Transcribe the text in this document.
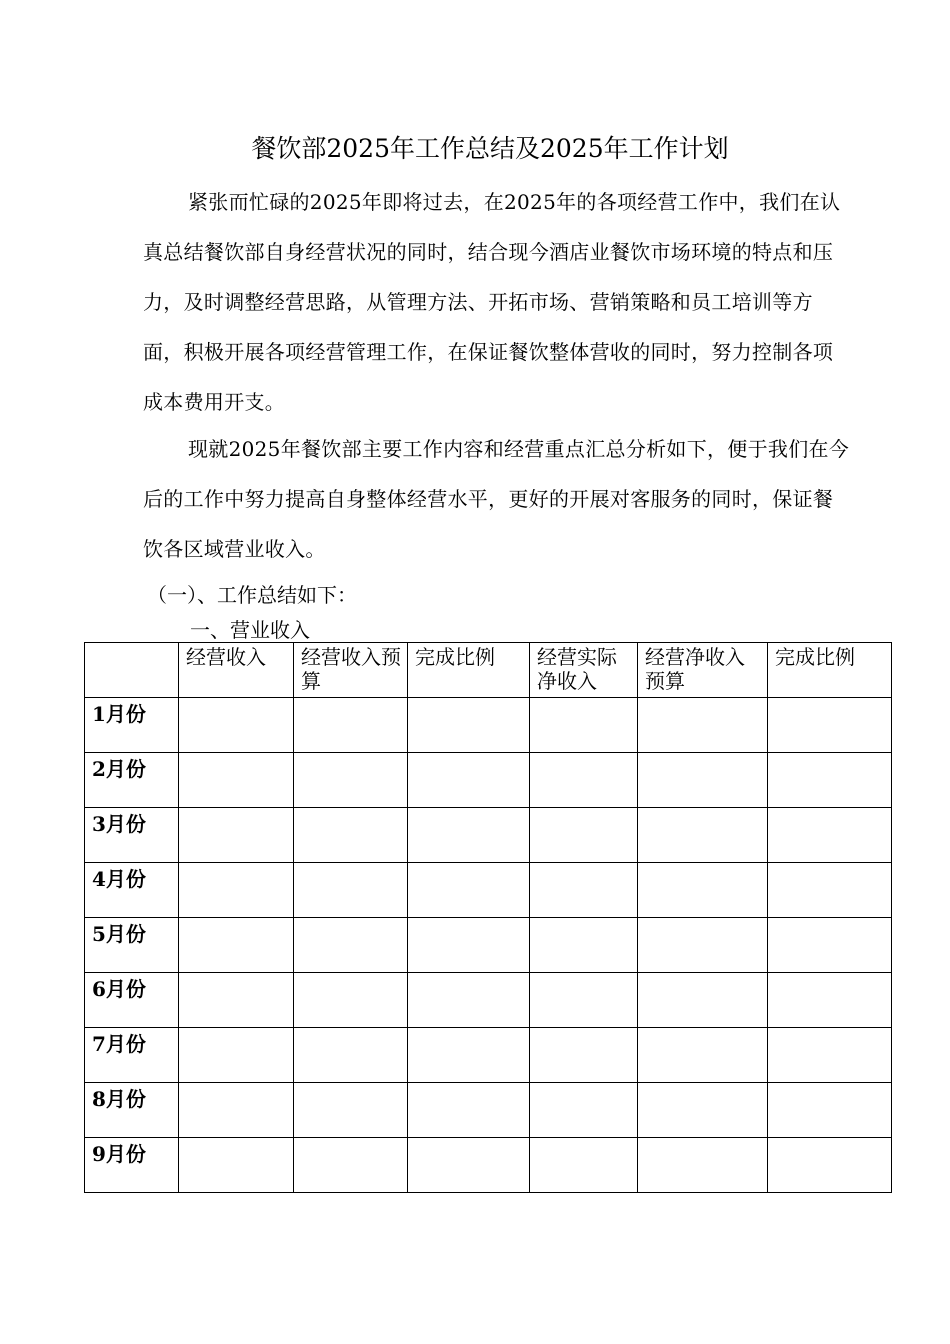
餐饮部2025年工作总结及2025年工作计划

紧张而忙碌的2025年即将过去，在2025年的各项经营工作中，我们在认真总结餐饮部自身经营状况的同时，结合现今酒店业餐饮市场环境的特点和压力，及时调整经营思路，从管理方法、开拓市场、营销策略和员工培训等方面，积极开展各项经营管理工作，在保证餐饮整体营收的同时，努力控制各项成本费用开支。

现就2025年餐饮部主要工作内容和经营重点汇总分析如下，便于我们在今后的工作中努力提高自身整体经营水平，更好的开展对客服务的同时，保证餐饮各区域营业收入。

（一）、工作总结如下：

一、营业收入

	经营收入	经营收入预算	完成比例	经营实际净收入	经营净收入预算	完成比例
1月份						
2月份						
3月份						
4月份						
5月份						
6月份						
7月份						
8月份						
9月份						
